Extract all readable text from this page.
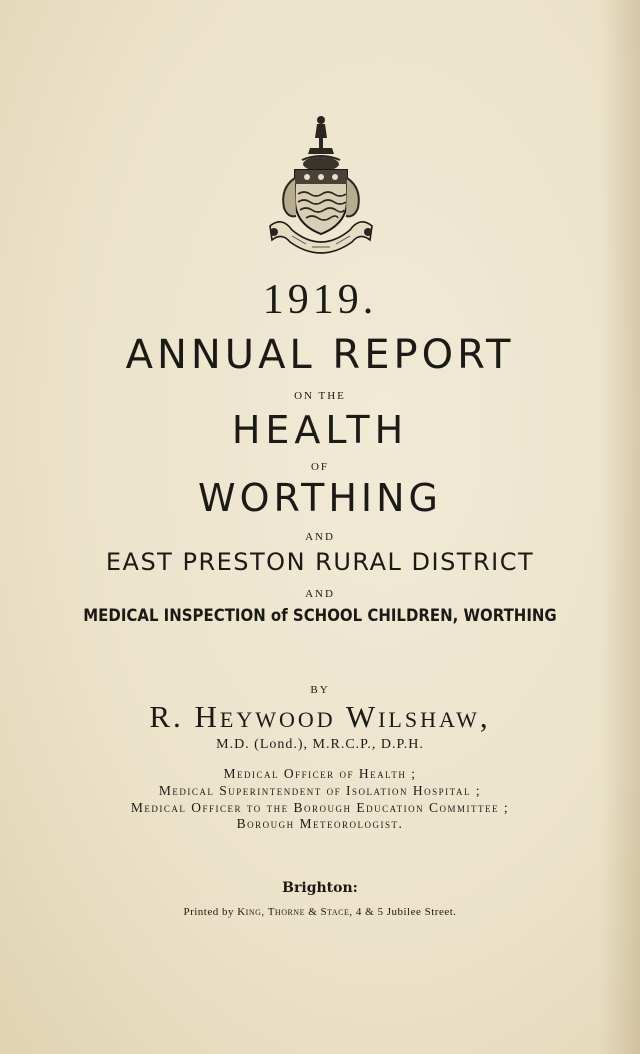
1919.
ANNUAL REPORT
ON THE
HEALTH
OF
WORTHING
AND
EAST PRESTON RURAL DISTRICT
AND
MEDICAL INSPECTION of SCHOOL CHILDREN, WORTHING
BY
R. Heywood Wilshaw,
M.D. (Lond.), M.R.C.P., D.P.H.
Medical Officer of Health ;
Medical Superintendent of Isolation Hospital ;
Medical Officer to the Borough Education Committee ;
Borough Meteorologist.
Brighton:
Printed by King, Thorne & Stace, 4 & 5 Jubilee Street.
